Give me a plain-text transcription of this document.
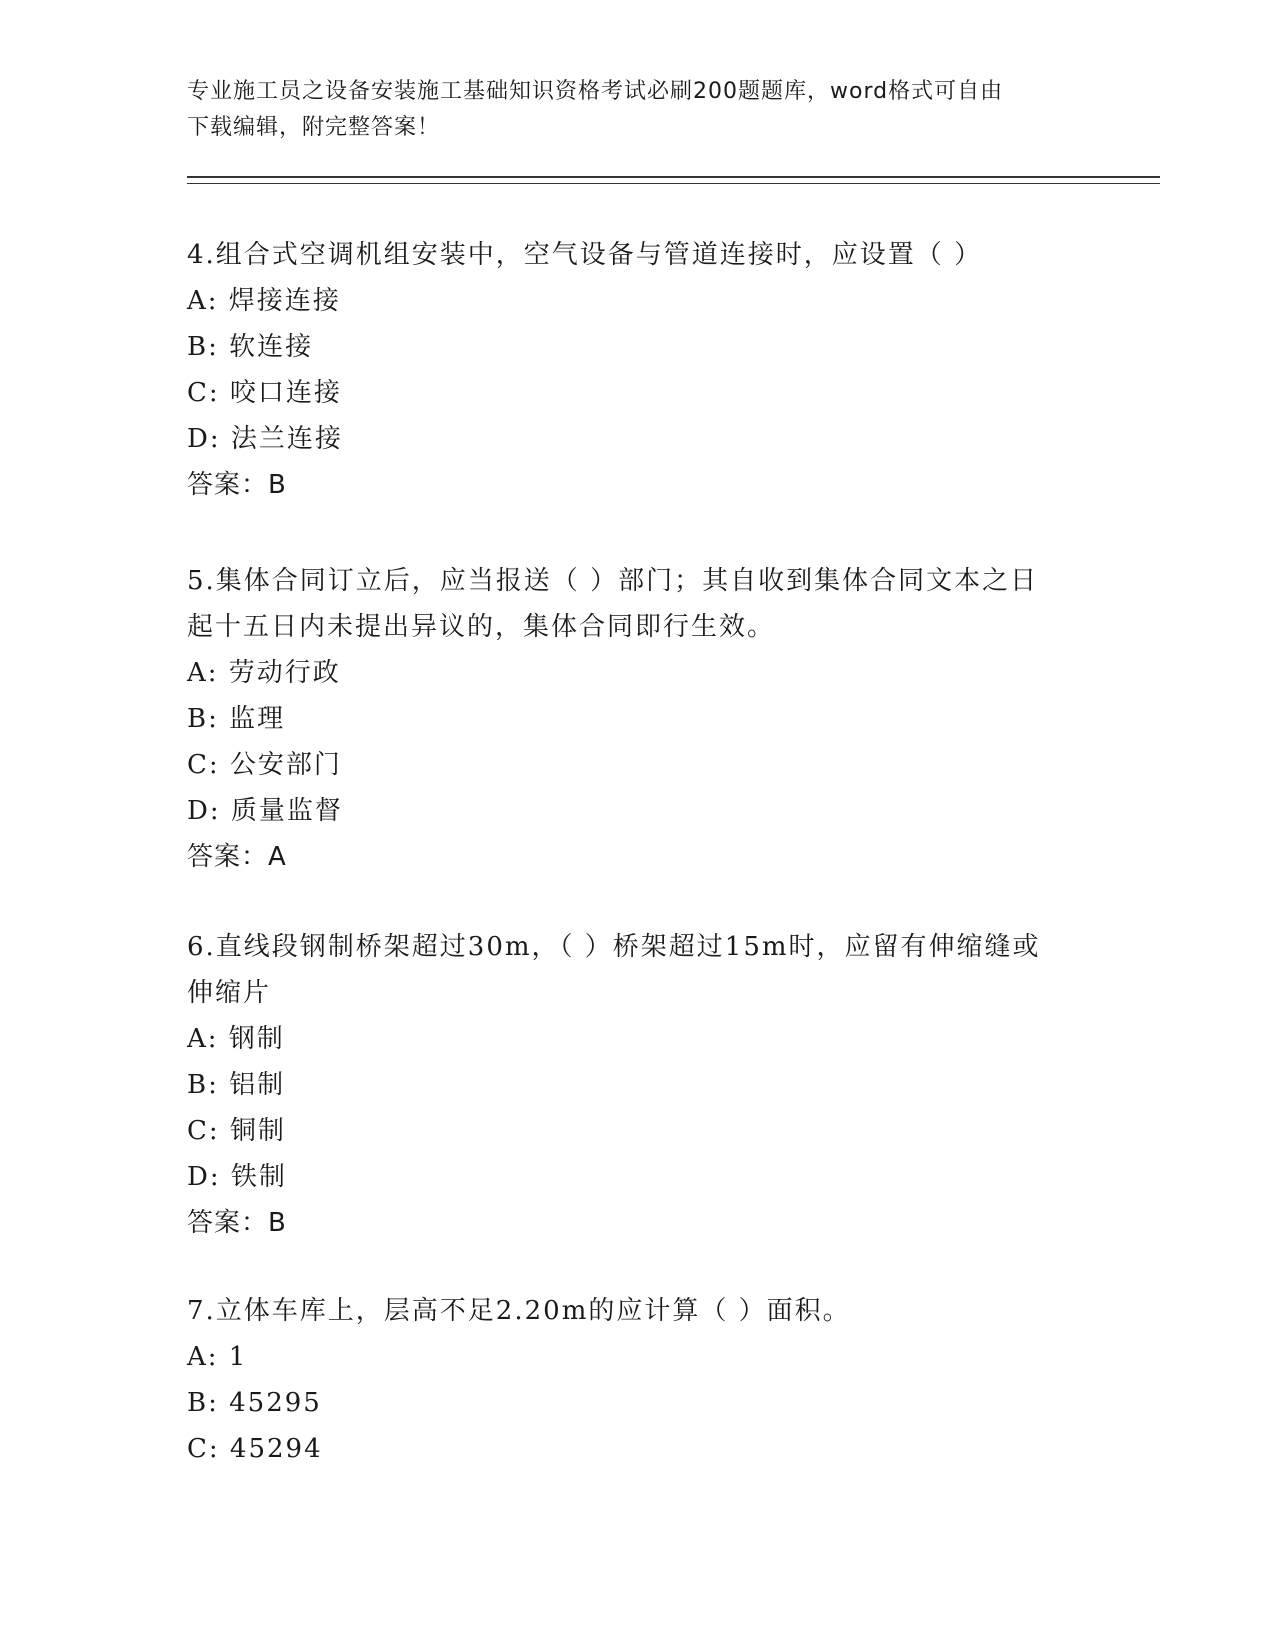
专业施工员之设备安装施工基础知识资格考试必刷200题题库，word格式可自由
下载编辑，附完整答案！

4.组合式空调机组安装中，空气设备与管道连接时，应设置（ ）

A: 焊接连接

B: 软连接

C: 咬口连接

D: 法兰连接

答案：B

5.集体合同订立后，应当报送（ ）部门；其自收到集体合同文本之日

起十五日内未提出异议的，集体合同即行生效。

A: 劳动行政

B: 监理

C: 公安部门

D: 质量监督

答案：A

6.直线段钢制桥架超过30m，（ ）桥架超过15m时，应留有伸缩缝或

伸缩片

A: 钢制

B: 铝制

C: 铜制

D: 铁制

答案：B

7.立体车库上，层高不足2.20m的应计算（ ）面积。

A: 1

B: 45295

C: 45294
